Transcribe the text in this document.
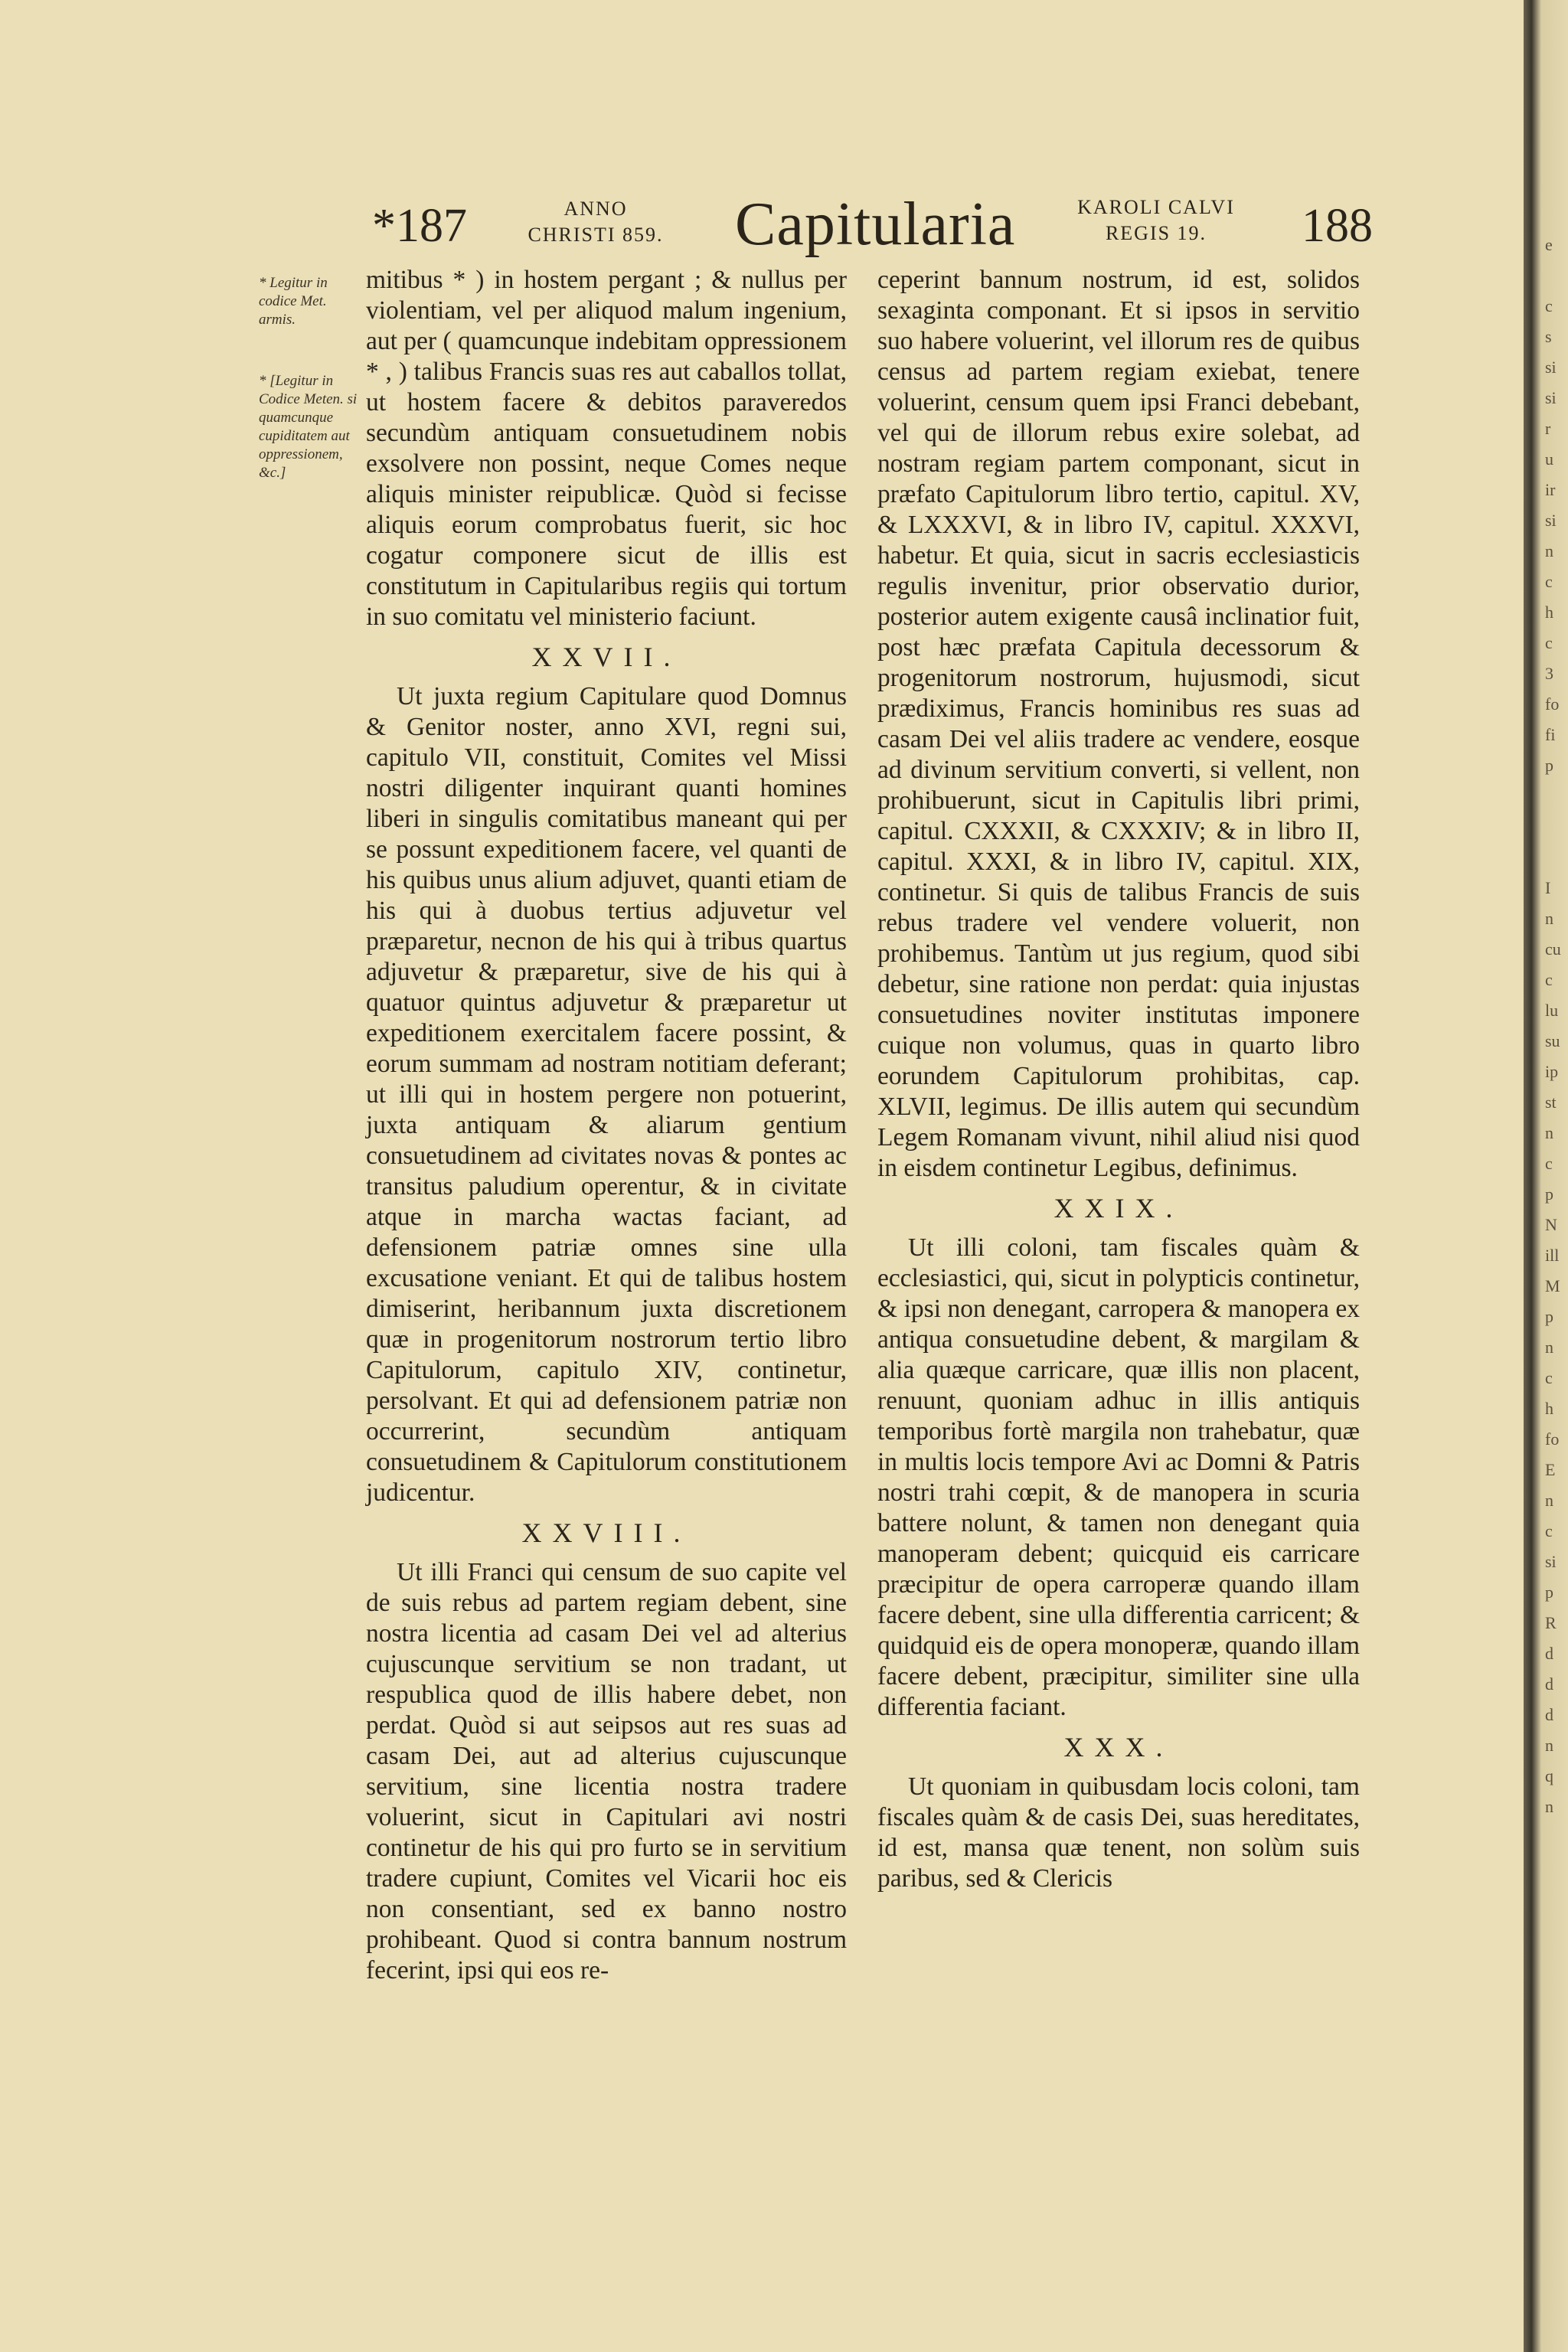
*187	ANNO CHRISTI 859. Capitularia	KAROLI CALVI REGIS 19.	188
* Legitur in codice Met. armis.
* [Legitur in Codice Meten. si quamcunque cupiditatem aut oppressionem, &c.]

mitibus * ) in hostem pergant ; & nullus per violentiam, vel per aliquod malum ingenium, aut per ( quamcunque indebitam oppressionem * , ) talibus Francis suas res aut caballos tollat, ut hostem facere & debitos paraveredos secundùm antiquam consuetudinem nobis exsolvere non possint, neque Comes neque aliquis minister reipublicæ. Quòd si fecisse aliquis eorum comprobatus fuerit, sic hoc cogatur componere sicut de illis est constitutum in Capitularibus regiis qui tortum in suo comitatu vel ministerio faciunt.

XXVII.

Ut juxta regium Capitulare quod Domnus & Genitor noster, anno XVI, regni sui, capitulo VII, constituit, Comites vel Missi nostri diligenter inquirant quanti homines liberi in singulis comitatibus maneant qui per se possunt expeditionem facere, vel quanti de his quibus unus alium adjuvet, quanti etiam de his qui à duobus tertius adjuvetur vel præparetur, necnon de his qui à tribus quartus adjuvetur & præparetur, sive de his qui à quatuor quintus adjuvetur & præparetur ut expeditionem exercitalem facere possint, & eorum summam ad nostram notitiam deferant; ut illi qui in hostem pergere non potuerint, juxta antiquam & aliarum gentium consuetudinem ad civitates novas & pontes ac transitus paludium operentur, & in civitate atque in marcha wactas faciant, ad defensionem patriæ omnes sine ulla excusatione veniant. Et qui de talibus hostem dimiserint, heribannum juxta discretionem quæ in progenitorum nostrorum tertio libro Capitulorum, capitulo XIV, continetur, persolvant. Et qui ad defensionem patriæ non occurrerint, secundùm antiquam consuetudinem & Capitulorum constitutionem judicentur.

XXVIII.

Ut illi Franci qui censum de suo capite vel de suis rebus ad partem regiam debent, sine nostra licentia ad casam Dei vel ad alterius cujuscunque servitium se non tradant, ut respublica quod de illis habere debet, non perdat. Quòd si aut seipsos aut res suas ad casam Dei, aut ad alterius cujuscunque servitium, sine licentia nostra tradere voluerint, sicut in Capitulari avi nostri continetur de his qui pro furto se in servitium tradere cupiunt, Comites vel Vicarii hoc eis non consentiant, sed ex banno nostro prohibeant. Quod si contra bannum nostrum fecerint, ipsi qui eos re-

ceperint bannum nostrum, id est, solidos sexaginta componant. Et si ipsos in servitio suo habere voluerint, vel illorum res de quibus census ad partem regiam exiebat, tenere voluerint, censum quem ipsi Franci debebant, vel qui de illorum rebus exire solebat, ad nostram regiam partem componant, sicut in præfato Capitulorum libro tertio, capitul. XV, & LXXXVI, & in libro IV, capitul. XXXVI, habetur. Et quia, sicut in sacris ecclesiasticis regulis invenitur, prior observatio durior, posterior autem exigente causâ inclinatior fuit, post hæc præfata Capitula decessorum & progenitorum nostrorum, hujusmodi, sicut prædiximus, Francis hominibus res suas ad casam Dei vel aliis tradere ac vendere, eosque ad divinum servitium converti, si vellent, non prohibuerunt, sicut in Capitulis libri primi, capitul. CXXXII, & CXXXIV; & in libro II, capitul. XXXI, & in libro IV, capitul. XIX, continetur. Si quis de talibus Francis de suis rebus tradere vel vendere voluerit, non prohibemus. Tantùm ut jus regium, quod sibi debetur, sine ratione non perdat: quia injustas consuetudines noviter institutas imponere cuique non volumus, quas in quarto libro eorundem Capitulorum prohibitas, cap. XLVII, legimus. De illis autem qui secundùm Legem Romanam vivunt, nihil aliud nisi quod in eisdem continetur Legibus, definimus.

XXIX.

Ut illi coloni, tam fiscales quàm & ecclesiastici, qui, sicut in polypticis continetur, & ipsi non denegant, carropera & manopera ex antiqua consuetudine debent, & margilam & alia quæque carricare, quæ illis non placent, renuunt, quoniam adhuc in illis antiquis temporibus fortè margila non trahebatur, quæ in multis locis tempore Avi ac Domni & Patris nostri trahi cœpit, & de manopera in scuria battere nolunt, & tamen non denegant quia manoperam debent; quicquid eis carricare præcipitur de opera carroperæ quando illam facere debent, sine ulla differentia carricent; & quidquid eis de opera monoperæ, quando illam facere debent, præcipitur, similiter sine ulla differentia faciant.

XXX.

Ut quoniam in quibusdam locis coloni, tam fiscales quàm & de casis Dei, suas hereditates, id est, mansa quæ tenent, non solùm suis paribus, sed & Clericis

e

c
s
si
si
r
u
ir
si
n
c
h
c
3
fo
fi
p

I
n
cu
c
lu
su
ip
st
n
c
p
N
ill
M
p
n
c
h
fo
E
n
c
si
p
R
d
d
d
n
q
n
